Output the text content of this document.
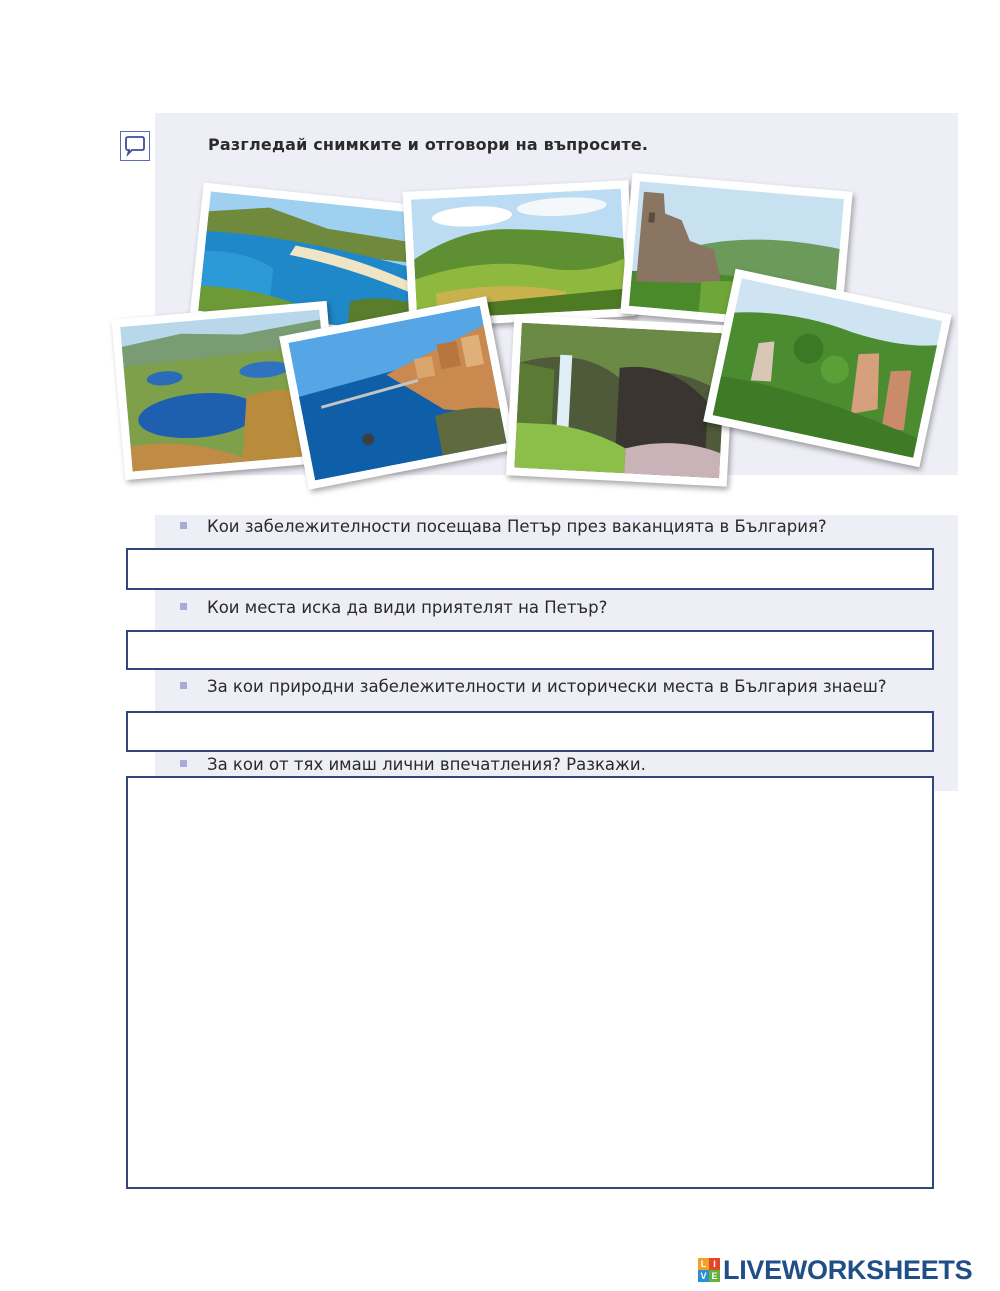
Разгледай снимките и отговори на въпросите.
Кои забележителности посещава Петър през ваканцията в България?
Кои места иска да види приятелят на Петър?
За кои природни забележителности и исторически места в България знаеш?
За кои от тях имаш лични впечатления? Разкажи.
L I
V E LIVEWORKSHEETS
